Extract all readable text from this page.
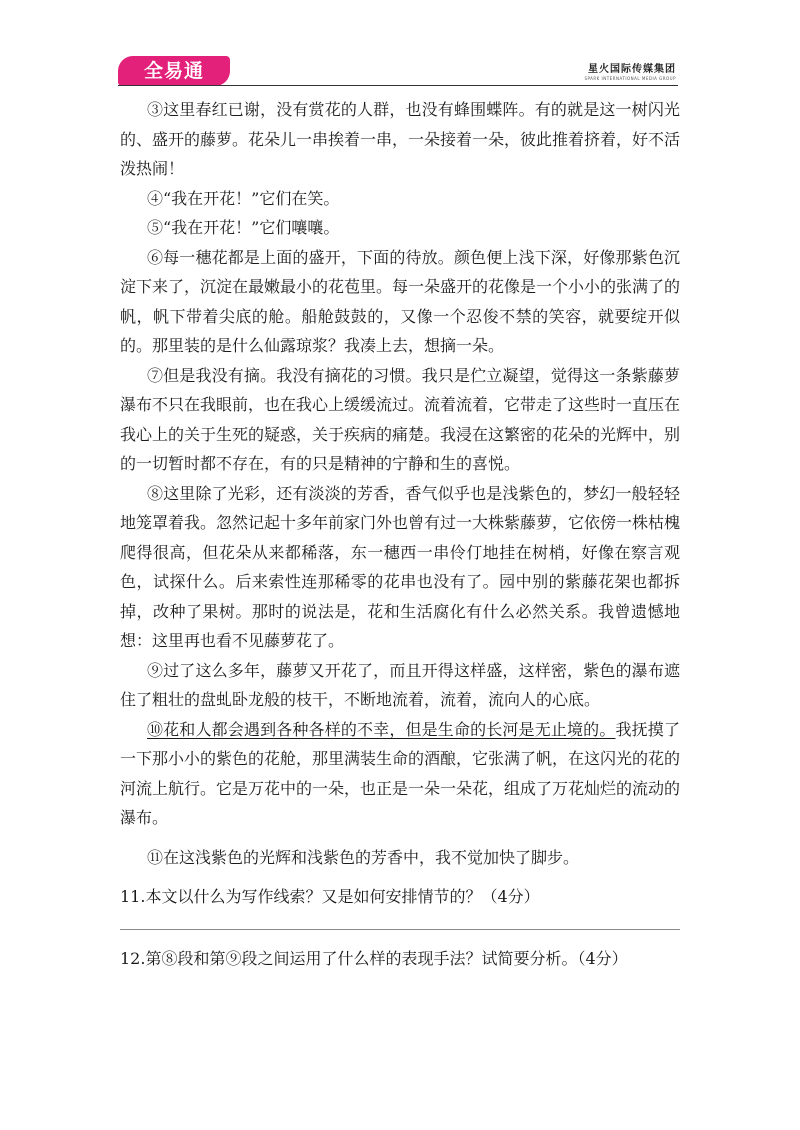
全易通	星火国际传媒集团
SPARK INTERNATIONAL MEDIA GROUP

③这里春红已谢，没有赏花的人群，也没有蜂围蝶阵。有的就是这一树闪光的、盛开的藤萝。花朵儿一串挨着一串，一朵接着一朵，彼此推着挤着，好不活泼热闹！

④“我在开花！”它们在笑。

⑤“我在开花！”它们嚷嚷。

⑥每一穗花都是上面的盛开，下面的待放。颜色便上浅下深，好像那紫色沉淀下来了，沉淀在最嫩最小的花苞里。每一朵盛开的花像是一个小小的张满了的帆，帆下带着尖底的舱。船舱鼓鼓的，又像一个忍俊不禁的笑容，就要绽开似的。那里装的是什么仙露琼浆？我凑上去，想摘一朵。

⑦但是我没有摘。我没有摘花的习惯。我只是伫立凝望，觉得这一条紫藤萝瀑布不只在我眼前，也在我心上缓缓流过。流着流着，它带走了这些时一直压在我心上的关于生死的疑惑，关于疾病的痛楚。我浸在这繁密的花朵的光辉中，别的一切暂时都不存在，有的只是精神的宁静和生的喜悦。

⑧这里除了光彩，还有淡淡的芳香，香气似乎也是浅紫色的，梦幻一般轻轻地笼罩着我。忽然记起十多年前家门外也曾有过一大株紫藤萝，它依傍一株枯槐爬得很高，但花朵从来都稀落，东一穗西一串伶仃地挂在树梢，好像在察言观色，试探什么。后来索性连那稀零的花串也没有了。园中别的紫藤花架也都拆掉，改种了果树。那时的说法是，花和生活腐化有什么必然关系。我曾遗憾地想：这里再也看不见藤萝花了。

⑨过了这么多年，藤萝又开花了，而且开得这样盛，这样密，紫色的瀑布遮住了粗壮的盘虬卧龙般的枝干，不断地流着，流着，流向人的心底。

⑩花和人都会遇到各种各样的不幸，但是生命的长河是无止境的。我抚摸了一下那小小的紫色的花舱，那里满装生命的酒酿，它张满了帆，在这闪光的花的河流上航行。它是万花中的一朵，也正是一朵一朵花，组成了万花灿烂的流动的瀑布。

⑪在这浅紫色的光辉和浅紫色的芳香中，我不觉加快了脚步。

11.本文以什么为写作线索？又是如何安排情节的？（4分）

12.第⑧段和第⑨段之间运用了什么样的表现手法？试简要分析。（4分）
